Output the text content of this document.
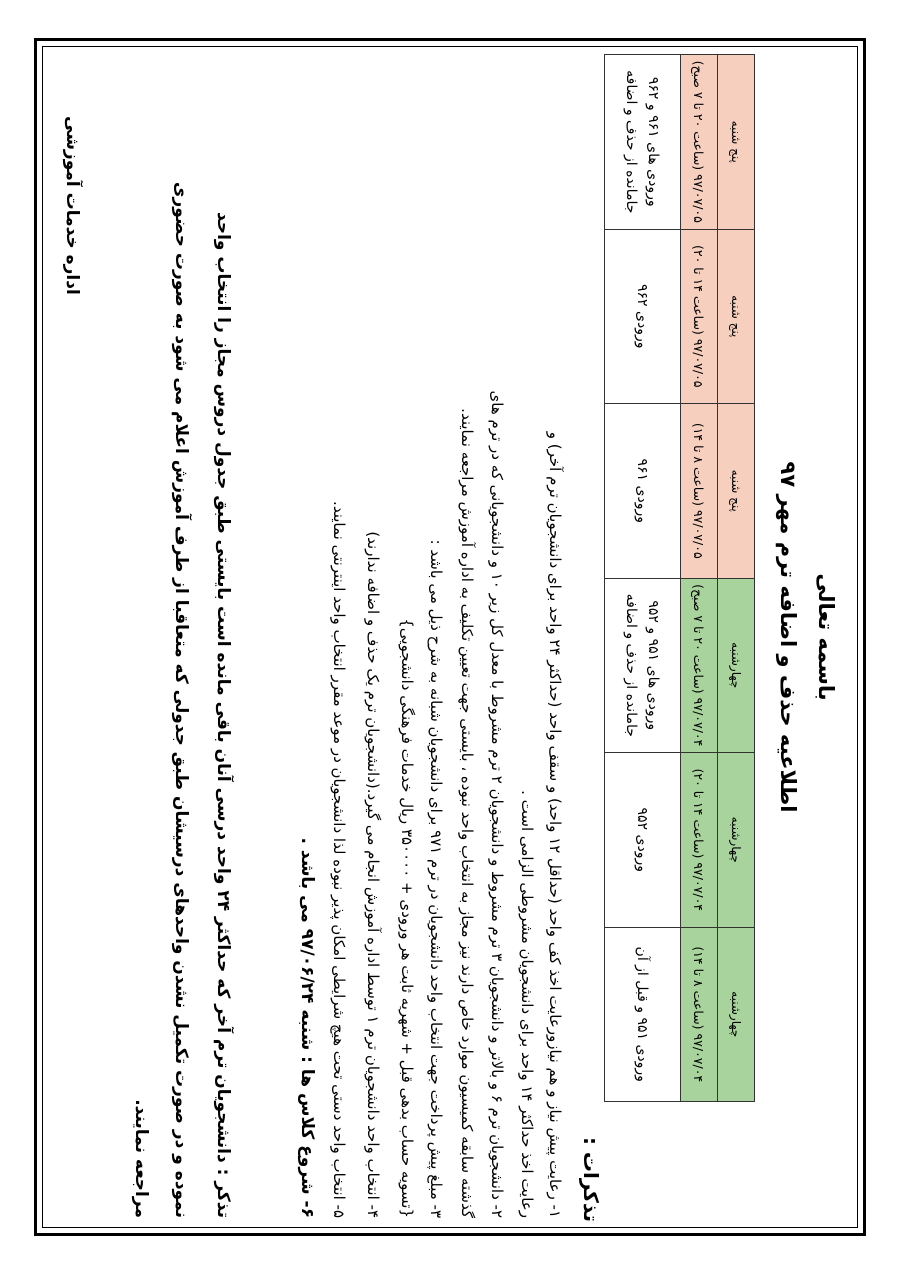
باسمه تعالی
اطلاعیه حذف و اضافه ترم مهر ۹۷
چهارشنبه	چهارشنبه	چهارشنبه	پنج شنبه	پنج شنبه	پنج شنبه
۹۷/۰۷/۰۴ (ساعت ۸ تا ۱۴)	۹۷/۰۷/۰۴ (ساعت ۱۴ تا ۲۰)	۹۷/۰۷/۰۴ (ساعت ۲۰ تا ۷ صبح)	۹۷/۰۷/۰۵ (ساعت ۸ تا ۱۴)	۹۷/۰۷/۰۵ (ساعت ۱۴ تا ۲۰)	۹۷/۰۷/۰۵ (ساعت ۲۰ تا ۷ صبح)
ورودی ۹۵۱ و قبل از آن	ورودی ۹۵۲	ورودی های ۹۵۱ و ۹۵۲ جامانده از حذف و اضافه	ورودی ۹۶۱	ورودی ۹۶۲	ورودی های ۹۶۱ و ۹۶۲ جامانده از حذف و اضافه
تذکرات :
۱- رعایت پیش نیاز و هم نیازورعایت اخذ کف واحد (حداقل ۱۲ واحد) و سقف واحد (حداکثر ۲۴ واحد برای دانشجویان ترم آخر) و
رعایت اخذ حداکثر ۱۴ واحد برای دانشجویان مشروطی الزامی است .
۲- دانشجویان ترم ۶ و بالاتر و دانشجویان ۳ ترم مشروط و دانشجویان ۲ ترم مشروط با معدل کل زیر ۱۰ و دانشجویانی که در ترم های
گذشته سابقه کمیسیون موارد خاص دارند نیز مجاز به انتخاب واحد نبوده ، بایستی جهت تعیین تکلیف به اداره آموزش مراجعه نمایند.
۳- مبلغ پیش پرداخت جهت انتخاب واحد دانشجویان در ترم ۹۷۱ برای دانشجویان شبانه به شرح ذیل می باشد :
{تسویه حساب بدهی قبل + شهریه ثابت هر ورودی + ۳۵۰۰۰۰ ریال خدمات فرهنگی دانشجویی}
۴- انتخاب واحد دانشجویان ترم ۱ توسط اداره آموزش انجام می گیرد.(دانشجویان ترم یک حذف و اضافه ندارند)
۵- انتخاب واحد دستی تحت هیچ شرایطی امکان پذیر نبوده لذا دانشجویان در موعد مقرر انتخاب واحد اینترنتی نمایند.
۶- شروع کلاس ها : شنبه ۹۷/۰۶/۲۴ می باشد .
تذکر : دانشجویان ترم آخر که حداکثر ۲۴ واحد درسی آنان باقی مانده است بایستی طبق جدول دروس مجاز را انتخاب واحد
نموده و در صورت تکمیل نشدن واحدهای درسیشان طبق جدولی که متعاقبا از طرف آموزش اعلام می شود به صورت حضوری
مراجعه نمایند.
اداره خدمات آموزشی
